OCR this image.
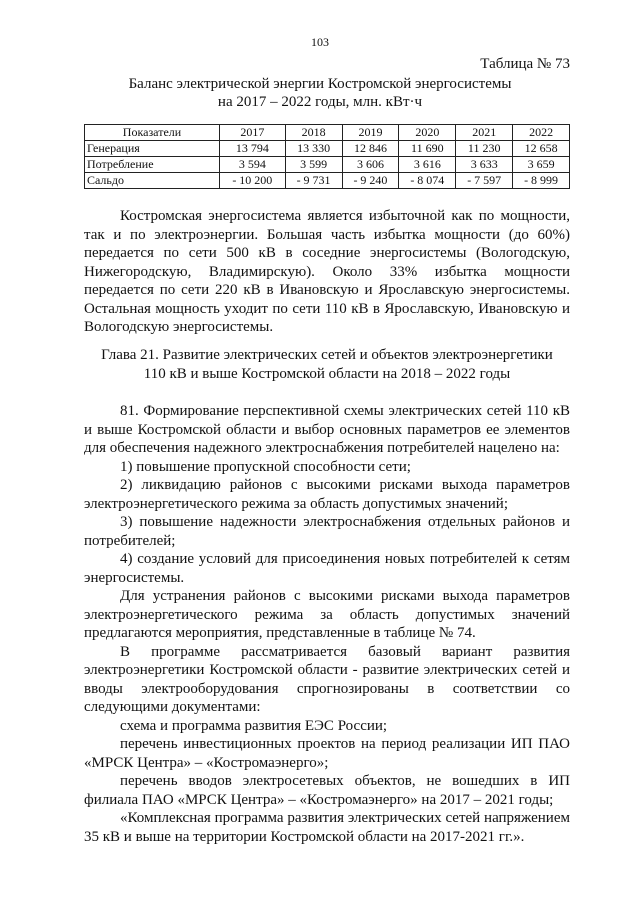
103
Таблица № 73
Баланс электрической энергии Костромской энергосистемы
на 2017 – 2022 годы, млн. кВт·ч
Показатели	2017	2018	2019	2020	2021	2022
Генерация	13 794	13 330	12 846	11 690	11 230	12 658
Потребление	3 594	3 599	3 606	3 616	3 633	3 659
Сальдо	- 10 200	- 9 731	- 9 240	- 8 074	- 7 597	- 8 999

Костромская энергосистема является избыточной как по мощности, так и по электроэнергии. Большая часть избытка мощности (до 60%) передается по сети 500 кВ в соседние энергосистемы (Вологодскую, Нижегородскую, Владимирскую). Около 33% избытка мощности передается по сети 220 кВ в Ивановскую и Ярославскую энергосистемы. Остальная мощность уходит по сети 110 кВ в Ярославскую, Ивановскую и Вологодскую энергосистемы.

Глава 21. Развитие электрических сетей и объектов электроэнергетики
110 кВ и выше Костромской области на 2018 – 2022 годы

81. Формирование перспективной схемы электрических сетей 110 кВ и выше Костромской области и выбор основных параметров ее элементов для обеспечения надежного электроснабжения потребителей нацелено на:

1) повышение пропускной способности сети;

2) ликвидацию районов с высокими рисками выхода параметров электроэнергетического режима за область допустимых значений;

3) повышение надежности электроснабжения отдельных районов и потребителей;

4) создание условий для присоединения новых потребителей к сетям энергосистемы.

Для устранения районов с высокими рисками выхода параметров электроэнергетического режима за область допустимых значений предлагаются мероприятия, представленные в таблице № 74.

В программе рассматривается базовый вариант развития электроэнергетики Костромской области - развитие электрических сетей и вводы электрооборудования спрогнозированы в соответствии со следующими документами:

схема и программа развития ЕЭС России;

перечень инвестиционных проектов на период реализации ИП ПАО «МРСК Центра» – «Костромаэнерго»;

перечень вводов электросетевых объектов, не вошедших в ИП филиала ПАО «МРСК Центра» – «Костромаэнерго» на 2017 – 2021 годы;

«Комплексная программа развития электрических сетей напряжением 35 кВ и выше на территории Костромской области на 2017-2021 гг.».
